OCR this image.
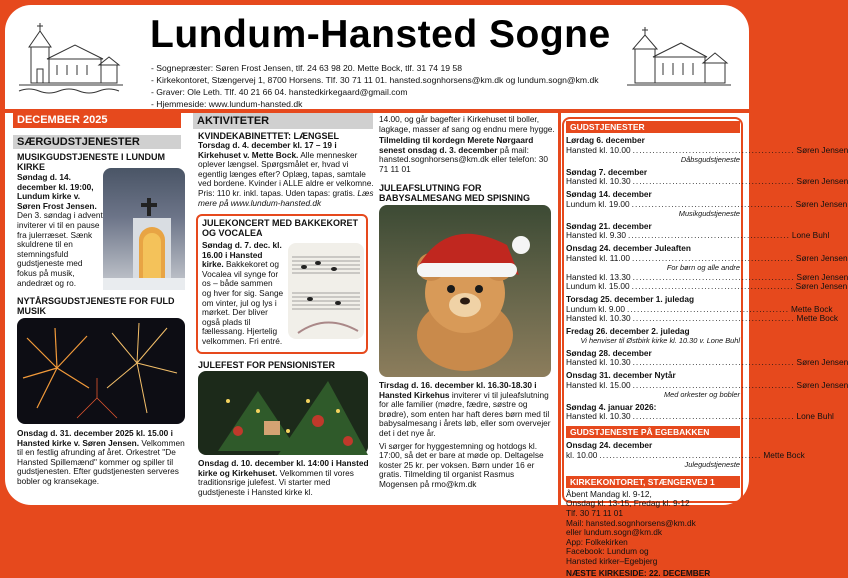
Lundum-Hansted Sogne
- Sognepræster: Søren Frost Jensen, tlf. 24 63 98 20. Mette Bock, tlf. 31 74 19 58
- Kirkekontoret, Stængervej 1, 8700 Horsens. Tlf. 30 71 11 01. hansted.sognhorsens@km.dk og lundum.sogn@km.dk
- Graver: Ole Leth. Tlf. 40 21 66 04. hanstedkirkegaard@gmail.com
- Hjemmeside: www.lundum-hansted.dk
DECEMBER 2025
SÆRGUDSTJENESTER
MUSIKGUDSTJENESTE I LUNDUM KIRKE
Søndag d. 14. december kl. 19:00, Lundum kirke v. Søren Frost Jensen. Den 3. søndag i advent inviterer vi til en pause fra julerræset. Sænk skuldrene til en stemningsfuld gudstjeneste med fokus på musik, andedræt og ro.
NYTÅRSGUDSTJENESTE FOR FULD MUSIK
Onsdag d. 31. december 2025 kl. 15.00 i Hansted kirke v. Søren Jensen. Velkommen til en festlig afrunding af året. Orkestret "De Hansted Spillemænd" kommer og spiller til gudstjenesten. Efter gudstjenesten serveres bobler og kransekage.
AKTIVITETER
KVINDEKABINETTET: LÆNGSEL
Torsdag d. 4. december kl. 17 – 19 i Kirkehuset v. Mette Bock. Alle mennesker oplever længsel. Spørgsmålet er, hvad vi egentlig længes efter? Oplæg, tapas, samtale ved bordene. Kvinder i ALLE aldre er velkomne. Pris: 110 kr. inkl. tapas. Uden tapas: gratis. Læs mere på www.lundum-hansted.dk
JULEKONCERT MED BAKKEKORET OG VOCALEA
Søndag d. 7. dec. kl. 16.00 i Hansted kirke. Bakkekoret og Vocalea vil synge for os – både sammen og hver for sig. Sange om vinter, jul og lys i mørket. Der bliver også plads til fællessang. Hjertelig velkommen. Fri entré.
JULEFEST FOR PENSIONISTER
Onsdag d. 10. december kl. 14:00 i Hansted kirke og Kirkehuset. Velkommen til vores traditionsrige julefest. Vi starter med gudstjeneste i Hansted kirke kl.
14.00, og går bagefter i Kirkehuset til boller, lagkage, masser af sang og endnu mere hygge.
Tilmelding til kordegn Merete Nørgaard senest onsdag d. 3. december på mail: hansted.sognhorsens@km.dk eller telefon: 30 71 11 01
JULEAFSLUTNING FOR BABYSALMESANG MED SPISNING
Tirsdag d. 16. december kl. 16.30-18.30 i Hansted Kirkehus inviterer vi til juleafslutning for alle familier (mødre, fædre, søstre og brødre), som enten har haft deres børn med til babysalmesang i årets løb, eller som overvejer det i det nye år.
Vi sørger for hyggestemning og hotdogs kl. 17:00, så det er bare at møde op. Deltagelse koster 25 kr. per voksen. Børn under 16 er gratis. Tilmelding til organist Rasmus Mogensen på rmo@km.dk
GUDSTJENESTER
Lørdag 6. december
Hansted kl. 10.00 ................................................. Søren Jensen
Dåbsgudstjeneste
Søndag 7. december
Hansted kl. 10.30 ................................................. Søren Jensen
Søndag 14. december
Lundum kl. 19.00 ................................................. Søren Jensen
Musikgudstjeneste
Søndag 21. december
Hansted kl. 9.30 ................................................. Lone Buhl
Onsdag 24. december Juleaften
Hansted kl. 11.00 ................................................. Søren Jensen
For børn og alle andre
Hansted kl. 13.30 ................................................. Søren Jensen
Lundum kl. 15.00 ................................................. Søren Jensen
Torsdag 25. december 1. juledag
Lundum kl. 9.00 ................................................. Mette Bock
Hansted kl. 10.30 ................................................. Mette Bock
Fredag 26. december 2. juledag
Vi henviser til Østbirk kirke kl. 10.30 v. Lone Buhl
Søndag 28. december
Hansted kl. 10.30 ................................................. Søren Jensen
Onsdag 31. december Nytår
Hansted kl. 15.00 ................................................. Søren Jensen
Med orkester og bobler
Søndag 4. januar 2026:
Hansted kl. 10.30 ................................................. Lone Buhl
GUDSTJENESTE PÅ EGEBAKKEN
Onsdag 24. december
kl. 10.00 ................................................. Mette Bock
Julegudstjeneste
KIRKEKONTORET, STÆNGERVEJ 1
Åbent Mandag kl. 9-12,
Onsdag kl. 13-15, Fredag kl. 9-12
Tlf. 30 71 11 01
Mail: hansted.sognhorsens@km.dk
eller lundum.sogn@km.dk
App: Folkekirken
Facebook: Lundum og
Hansted kirker–Egebjerg
NÆSTE KIRKESIDE: 22. DECEMBER
